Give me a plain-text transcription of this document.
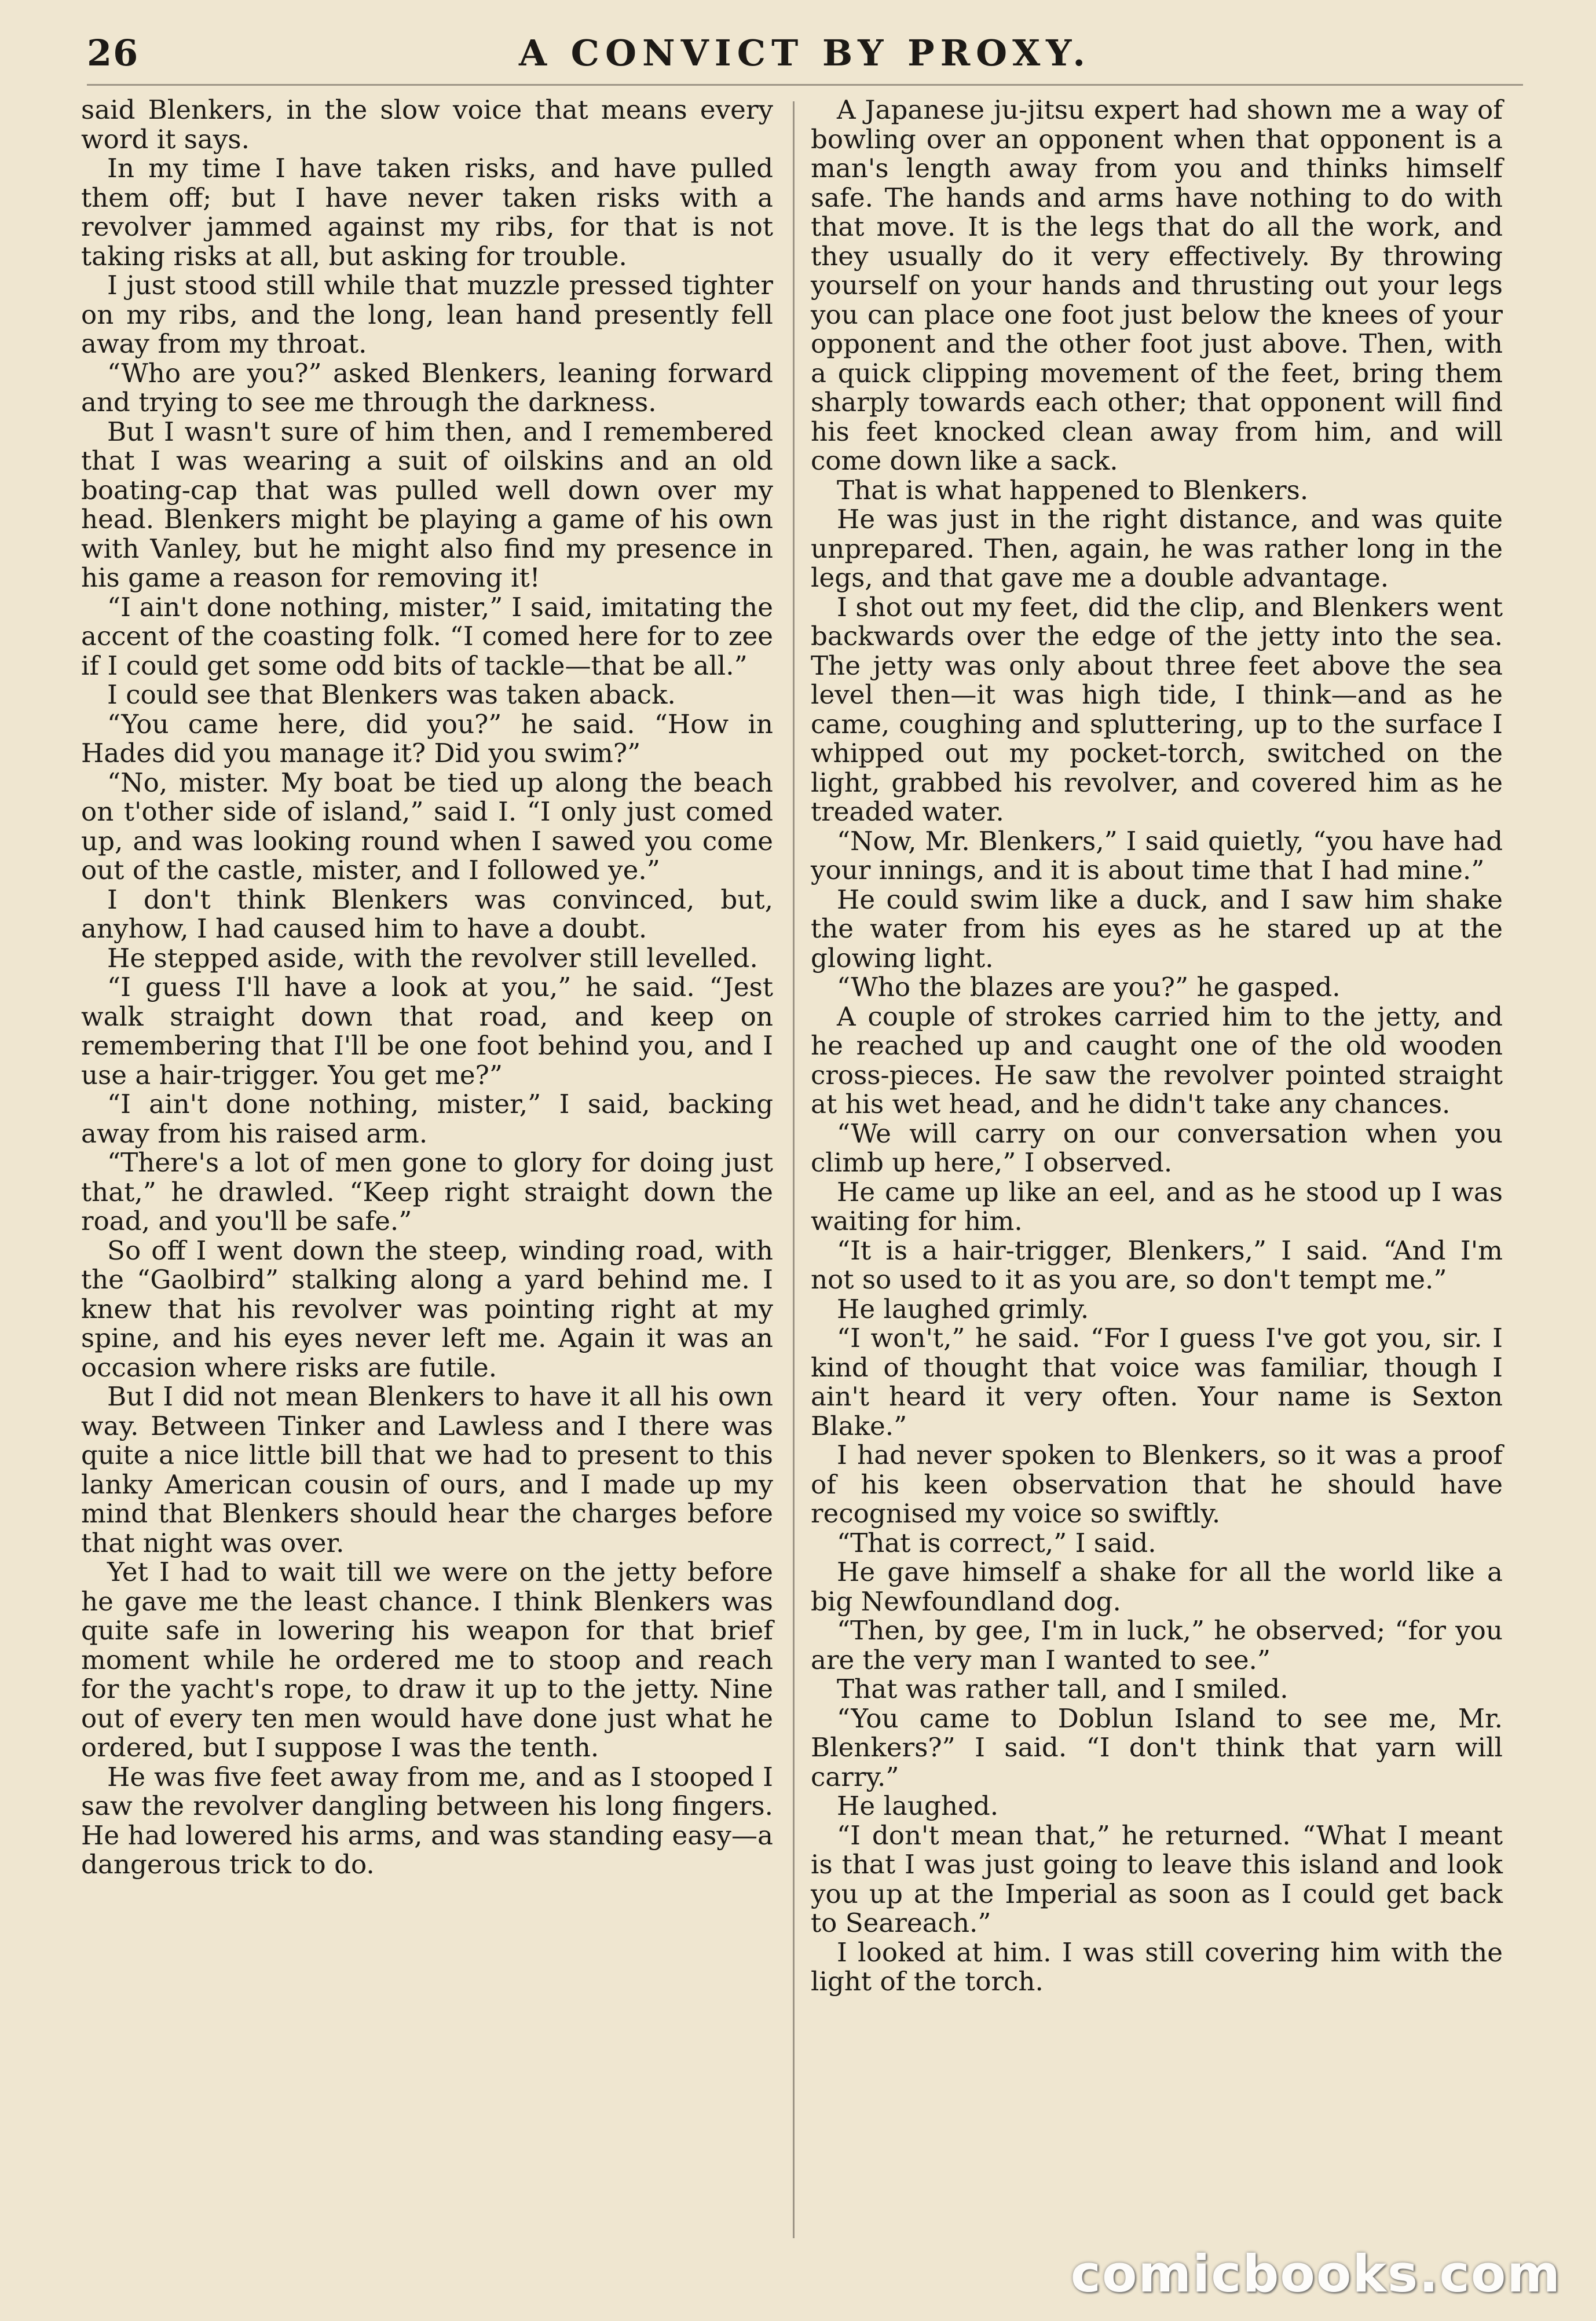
26	A CONVICT BY PROXY.

said Blenkers, in the slow voice that means every word it says.

In my time I have taken risks, and have pulled them off; but I have never taken risks with a revolver jammed against my ribs, for that is not taking risks at all, but asking for trouble.

I just stood still while that muzzle pressed tighter on my ribs, and the long, lean hand presently fell away from my throat.

“Who are you?” asked Blenkers, leaning forward and trying to see me through the darkness.

But I wasn't sure of him then, and I remembered that I was wearing a suit of oilskins and an old boating-cap that was pulled well down over my head. Blenkers might be playing a game of his own with Vanley, but he might also find my presence in his game a reason for removing it!

“I ain't done nothing, mister,” I said, imitating the accent of the coasting folk. “I comed here for to zee if I could get some odd bits of tackle—that be all.”

I could see that Blenkers was taken aback.

“You came here, did you?” he said. “How in Hades did you manage it? Did you swim?”

“No, mister. My boat be tied up along the beach on t'other side of island,” said I. “I only just comed up, and was looking round when I sawed you come out of the castle, mister, and I followed ye.”

I don't think Blenkers was convinced, but, anyhow, I had caused him to have a doubt.

He stepped aside, with the revolver still levelled.

“I guess I'll have a look at you,” he said. “Jest walk straight down that road, and keep on remembering that I'll be one foot behind you, and I use a hair-trigger. You get me?”

“I ain't done nothing, mister,” I said, backing away from his raised arm.

“There's a lot of men gone to glory for doing just that,” he drawled. “Keep right straight down the road, and you'll be safe.”

So off I went down the steep, winding road, with the “Gaolbird” stalking along a yard behind me. I knew that his revolver was pointing right at my spine, and his eyes never left me. Again it was an occasion where risks are futile.

But I did not mean Blenkers to have it all his own way. Between Tinker and Lawless and I there was quite a nice little bill that we had to present to this lanky American cousin of ours, and I made up my mind that Blenkers should hear the charges before that night was over.

Yet I had to wait till we were on the jetty before he gave me the least chance. I think Blenkers was quite safe in lowering his weapon for that brief moment while he ordered me to stoop and reach for the yacht's rope, to draw it up to the jetty. Nine out of every ten men would have done just what he ordered, but I suppose I was the tenth.

He was five feet away from me, and as I stooped I saw the revolver dangling between his long fingers. He had lowered his arms, and was standing easy—a dangerous trick to do.

A Japanese ju-jitsu expert had shown me a way of bowling over an opponent when that opponent is a man's length away from you and thinks himself safe. The hands and arms have nothing to do with that move. It is the legs that do all the work, and they usually do it very effectively. By throwing yourself on your hands and thrusting out your legs you can place one foot just below the knees of your opponent and the other foot just above. Then, with a quick clipping movement of the feet, bring them sharply towards each other; that opponent will find his feet knocked clean away from him, and will come down like a sack.

That is what happened to Blenkers.

He was just in the right distance, and was quite unprepared. Then, again, he was rather long in the legs, and that gave me a double advantage.

I shot out my feet, did the clip, and Blenkers went backwards over the edge of the jetty into the sea. The jetty was only about three feet above the sea level then—it was high tide, I think—and as he came, coughing and spluttering, up to the surface I whipped out my pocket-torch, switched on the light, grabbed his revolver, and covered him as he treaded water.

“Now, Mr. Blenkers,” I said quietly, “you have had your innings, and it is about time that I had mine.”

He could swim like a duck, and I saw him shake the water from his eyes as he stared up at the glowing light.

“Who the blazes are you?” he gasped.

A couple of strokes carried him to the jetty, and he reached up and caught one of the old wooden cross-pieces. He saw the revolver pointed straight at his wet head, and he didn't take any chances.

“We will carry on our conversation when you climb up here,” I observed.

He came up like an eel, and as he stood up I was waiting for him.

“It is a hair-trigger, Blenkers,” I said. “And I'm not so used to it as you are, so don't tempt me.”

He laughed grimly.

“I won't,” he said. “For I guess I've got you, sir. I kind of thought that voice was familiar, though I ain't heard it very often. Your name is Sexton Blake.”

I had never spoken to Blenkers, so it was a proof of his keen observation that he should have recognised my voice so swiftly.

“That is correct,” I said.

He gave himself a shake for all the world like a big Newfoundland dog.

“Then, by gee, I'm in luck,” he observed; “for you are the very man I wanted to see.”

That was rather tall, and I smiled.

“You came to Doblun Island to see me, Mr. Blenkers?” I said. “I don't think that yarn will carry.”

He laughed.

“I don't mean that,” he returned. “What I meant is that I was just going to leave this island and look you up at the Imperial as soon as I could get back to Seareach.”

I looked at him. I was still covering him with the light of the torch.

comicbooks.com
